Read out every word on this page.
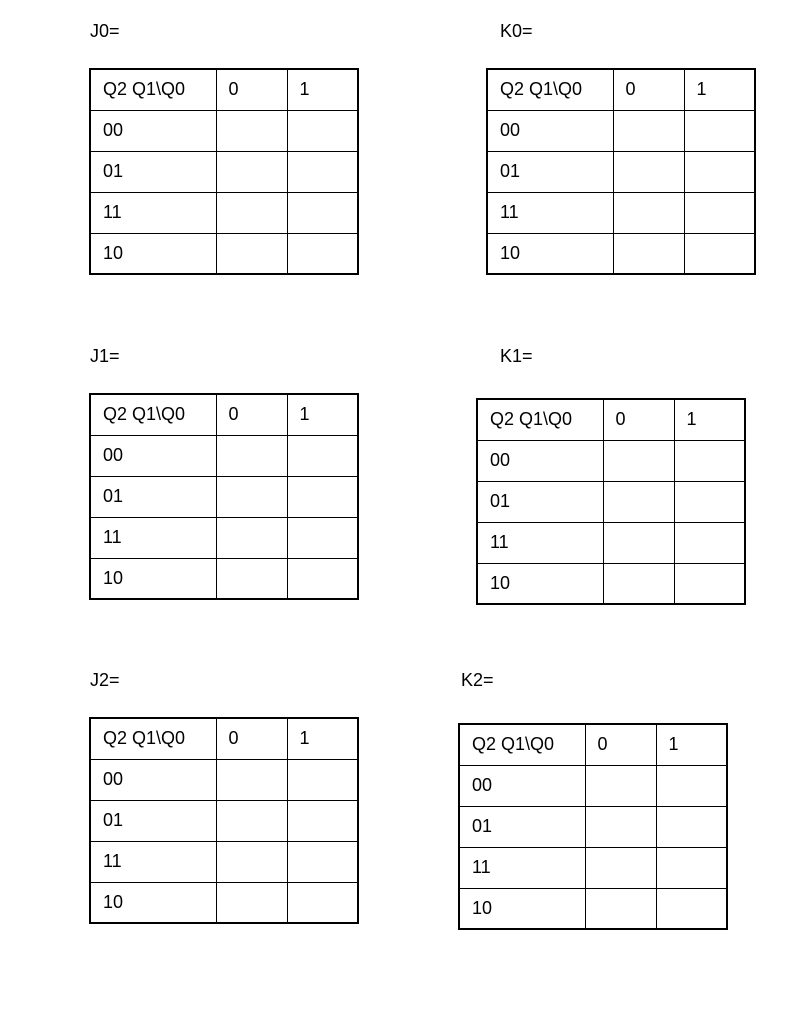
J0=
Q2 Q1\Q0	0	1
00		
01		
11		
10		
K0=
Q2 Q1\Q0	0	1
00		
01		
11		
10		
J1=
Q2 Q1\Q0	0	1
00		
01		
11		
10		
K1=
Q2 Q1\Q0	0	1
00		
01		
11		
10		
J2=
Q2 Q1\Q0	0	1
00		
01		
11		
10		
K2=
Q2 Q1\Q0	0	1
00		
01		
11		
10		
